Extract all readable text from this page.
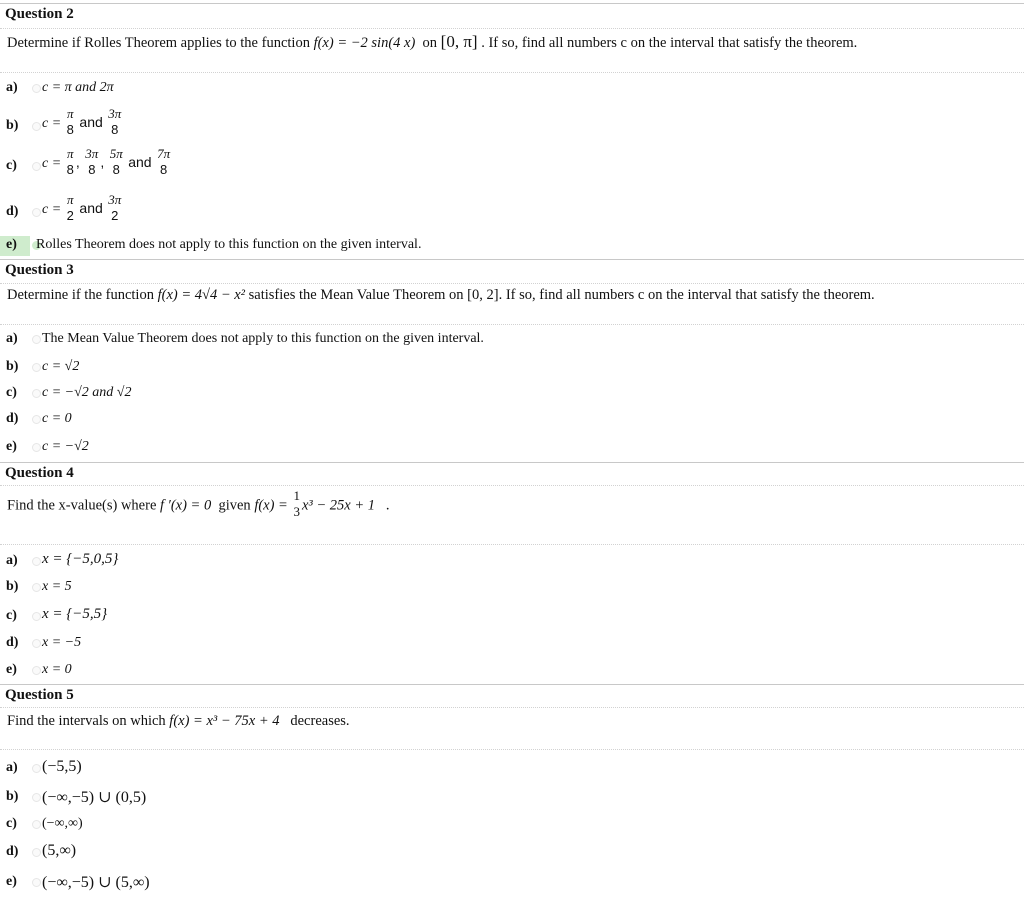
Question 2
Determine if Rolles Theorem applies to the function f(x) = −2 sin(4 x) on [0, π] . If so, find all numbers c on the interval that satisfy the theorem.
a) c = π and 2π
b) c =
π
8 and
3π
8
c) c =
π
8 ,
3π
8 ,
5π
8 and
7π
8
d) c =
π
2 and
3π
2
e) Rolles Theorem does not apply to this function on the given interval.
Question 3
Determine if the function f(x) = 4√4 − x² satisfies the Mean Value Theorem on [0, 2]. If so, find all numbers c on the interval that satisfy the theorem.
a) The Mean Value Theorem does not apply to this function on the given interval.
b) c = √2
c) c = −√2 and √2
d) c = 0
e) c = −√2
Question 4
Find the x-value(s) where f ′(x) = 0 given f(x) =
1
3 x³ − 25x + 1 .
a) x = {−5,0,5}
b) x = 5
c) x = {−5,5}
d) x = −5
e) x = 0
Question 5
Find the intervals on which f(x) = x³ − 75x + 4 decreases.
a) (−5,5)
b) (−∞,−5) ∪ (0,5)
c) (−∞,∞)
d) (5,∞)
e) (−∞,−5) ∪ (5,∞)
